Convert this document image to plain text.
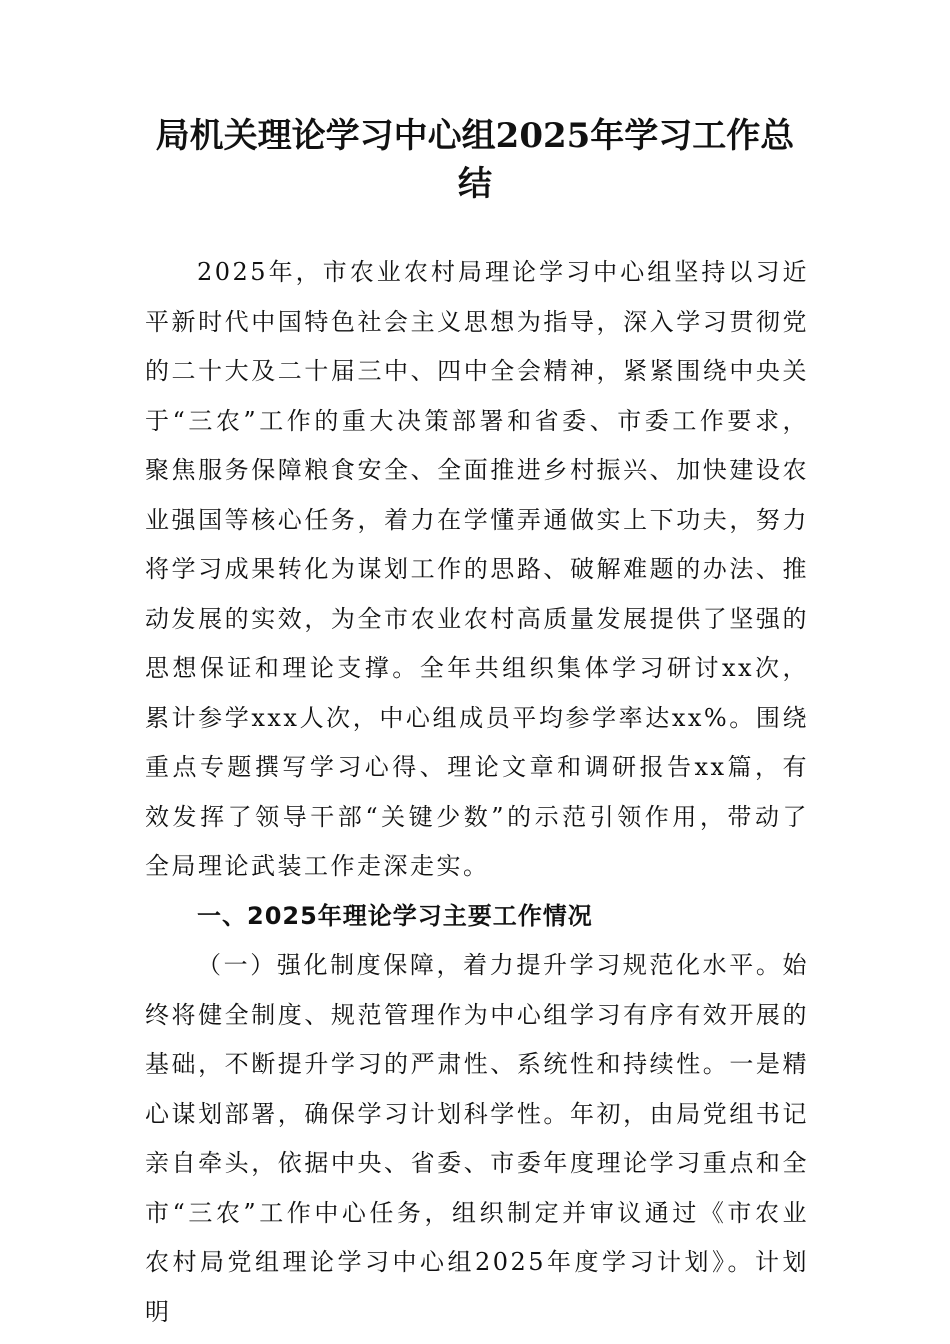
局机关理论学习中心组2025年学习工作总结

2025年，市农业农村局理论学习中心组坚持以习近平新时代中国特色社会主义思想为指导，深入学习贯彻党的二十大及二十届三中、四中全会精神，紧紧围绕中央关于“三农”工作的重大决策部署和省委、市委工作要求，聚焦服务保障粮食安全、全面推进乡村振兴、加快建设农业强国等核心任务，着力在学懂弄通做实上下功夫，努力将学习成果转化为谋划工作的思路、破解难题的办法、推动发展的实效，为全市农业农村高质量发展提供了坚强的思想保证和理论支撑。全年共组织集体学习研讨xx次，累计参学xxx人次，中心组成员平均参学率达xx%。围绕重点专题撰写学习心得、理论文章和调研报告xx篇，有效发挥了领导干部“关键少数”的示范引领作用，带动了全局理论武装工作走深走实。

一、2025年理论学习主要工作情况

（一）强化制度保障，着力提升学习规范化水平。始终将健全制度、规范管理作为中心组学习有序有效开展的基础，不断提升学习的严肃性、系统性和持续性。一是精心谋划部署，确保学习计划科学性。年初，由局党组书记亲自牵头，依据中央、省委、市委年度理论学习重点和全市“三农”工作中心任务，组织制定并审议通过《市农业农村局党组理论学习中心组2025年度学习计划》。计划明
